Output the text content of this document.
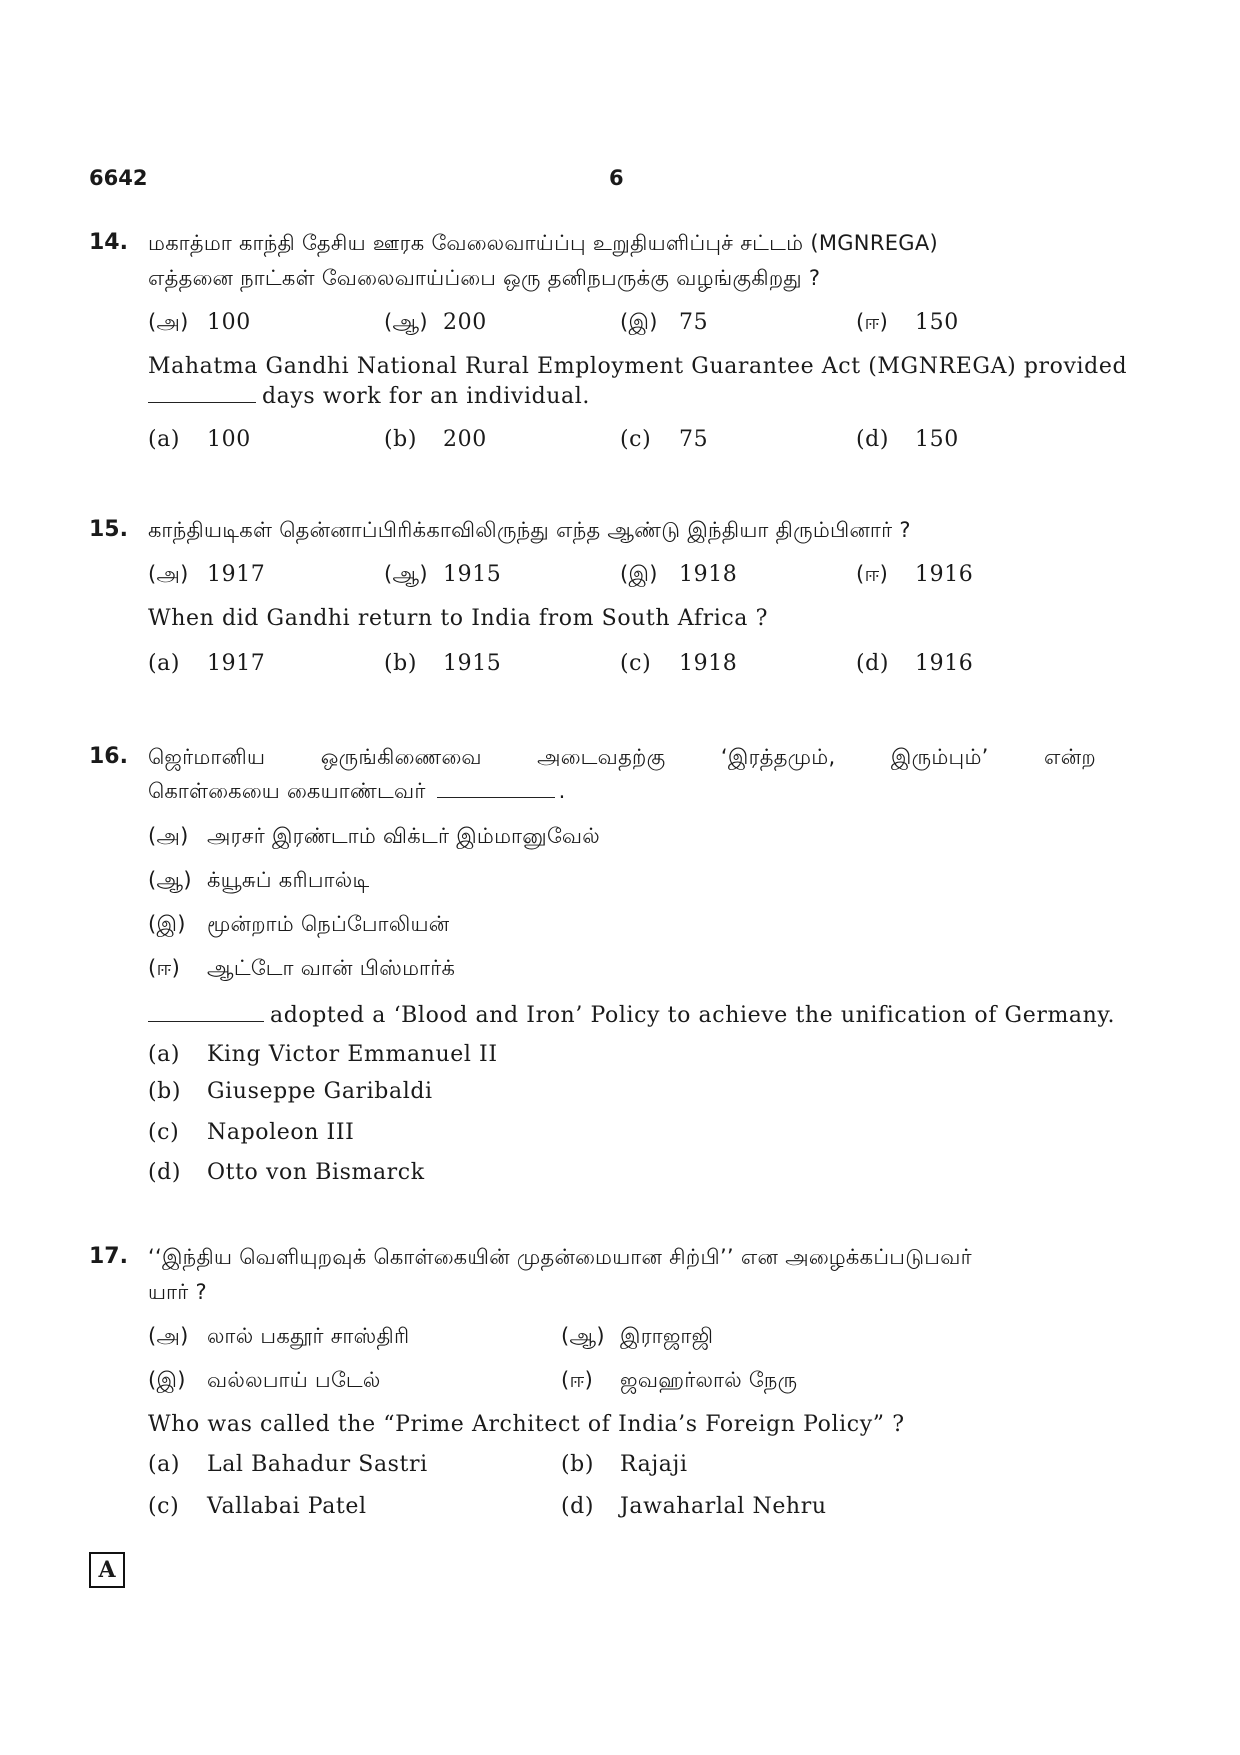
6642	6
14. மகாத்மா காந்தி தேசிய ஊரக வேலைவாய்ப்பு உறுதியளிப்புச் சட்டம் (MGNREGA)
எத்தனை நாட்கள் வேலைவாய்ப்பை ஒரு தனிநபருக்கு வழங்குகிறது ?
(அ) 100	(ஆ) 200	(இ) 75	(ஈ) 150
Mahatma Gandhi National Rural Employment Guarantee Act (MGNREGA) provided
days work for an individual.
(a) 100	(b) 200	(c) 75	(d) 150
15. காந்தியடிகள் தென்னாப்பிரிக்காவிலிருந்து எந்த ஆண்டு இந்தியா திரும்பினார் ?
(அ) 1917	(ஆ) 1915	(இ) 1918	(ஈ) 1916
When did Gandhi return to India from South Africa ?
(a) 1917	(b) 1915	(c) 1918	(d) 1916
16. ஜெர்மானிய ஒருங்கிணைவை அடைவதற்கு ‘இரத்தமும், இரும்பும்’ என்ற
கொள்கையை கையாண்டவர்	.
(அ) அரசர் இரண்டாம் விக்டர் இம்மானுவேல்
(ஆ) க்யூசுப் கரிபால்டி
(இ) மூன்றாம் நெப்போலியன்
(ஈ) ஆட்டோ வான் பிஸ்மார்க்
adopted a ‘Blood and Iron’ Policy to achieve the unification of Germany.
(a) King Victor Emmanuel II
(b) Giuseppe Garibaldi
(c) Napoleon III
(d) Otto von Bismarck
17. ‘‘இந்திய வெளியுறவுக் கொள்கையின் முதன்மையான சிற்பி’’ என அழைக்கப்படுபவர்
யார் ?
(அ) லால் பகதூர் சாஸ்திரி	(ஆ) இராஜாஜி
(இ) வல்லபாய் படேல்	(ஈ) ஜவஹர்லால் நேரு
Who was called the “Prime Architect of India’s Foreign Policy” ?
(a) Lal Bahadur Sastri	(b) Rajaji
(c) Vallabai Patel	(d) Jawaharlal Nehru
A
